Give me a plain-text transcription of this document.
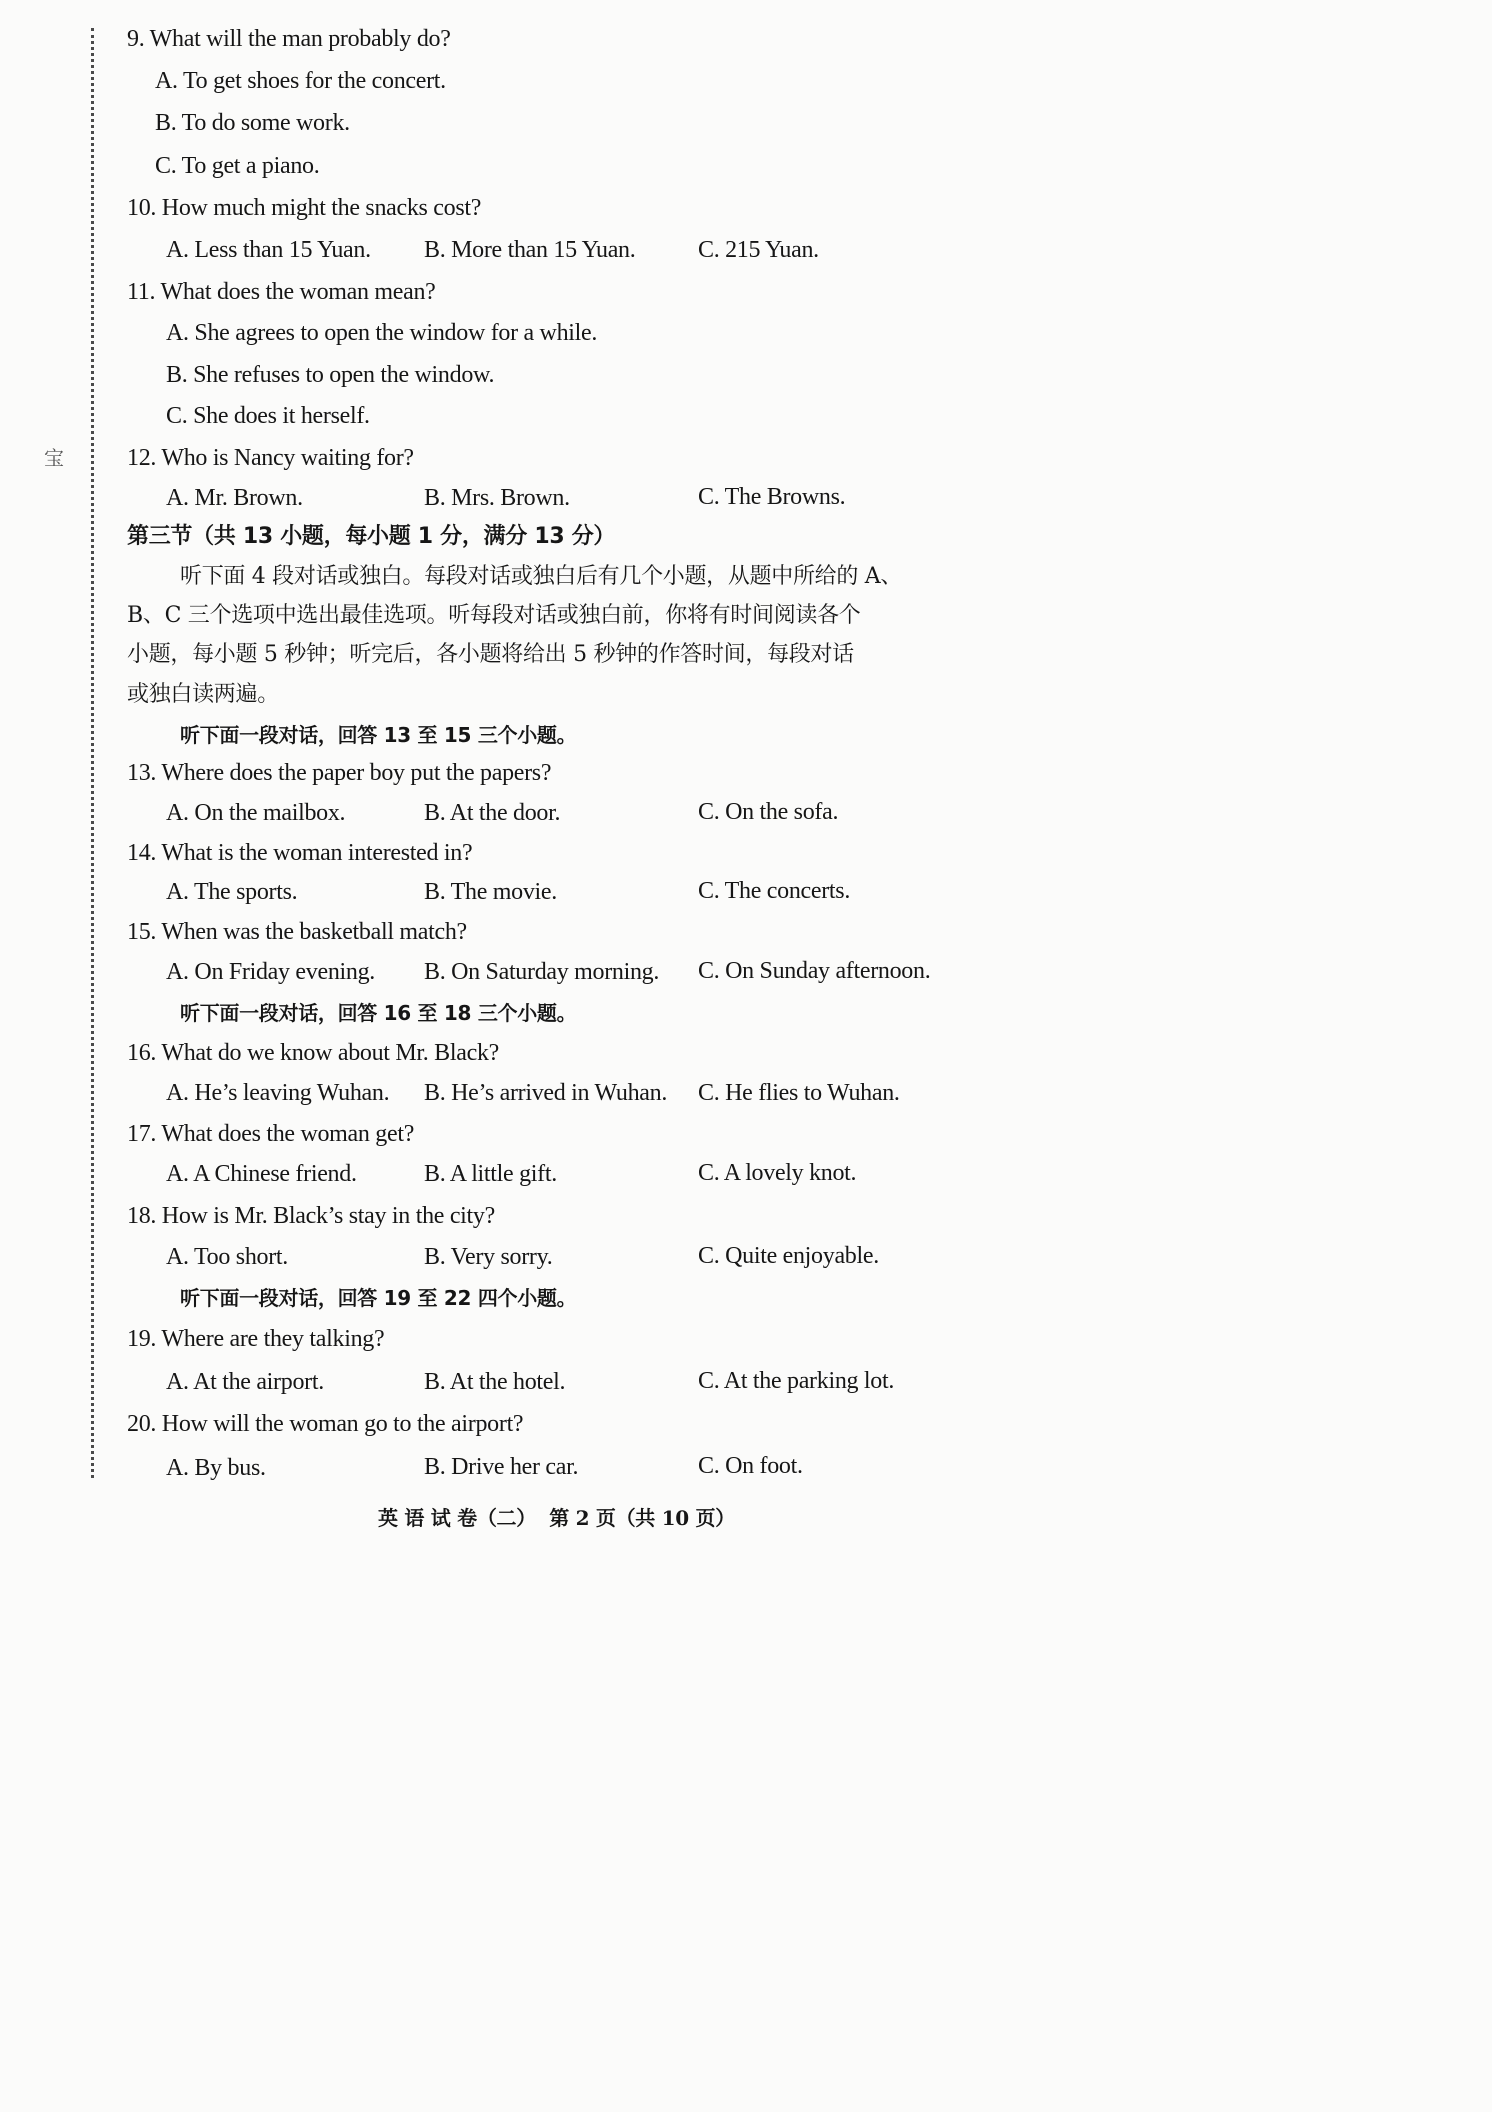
宝
9. What will the man probably do?
A. To get shoes for the concert.
B. To do some work.
C. To get a piano.
10. How much might the snacks cost?
A. Less than 15 Yuan. B. More than 15 Yuan.	C. 215 Yuan.
11. What does the woman mean?
A. She agrees to open the window for a while.
B. She refuses to open the window.
C. She does it herself.
12. Who is Nancy waiting for?
A. Mr. Brown.	B. Mrs. Brown.	C. The Browns.
第三节（共 13 小题，每小题 1 分，满分 13 分）
听下面 4 段对话或独白。每段对话或独白后有几个小题，从题中所给的 A、
B、C 三个选项中选出最佳选项。听每段对话或独白前，你将有时间阅读各个
小题，每小题 5 秒钟；听完后，各小题将给出 5 秒钟的作答时间，每段对话
或独白读两遍。
听下面一段对话，回答 13 至 15 三个小题。
13. Where does the paper boy put the papers?
A. On the mailbox.	B. At the door.	C. On the sofa.
14. What is the woman interested in?
A. The sports.	B. The movie.	C. The concerts.
15. When was the basketball match?
A. On Friday evening. B. On Saturday morning. C. On Sunday afternoon.
听下面一段对话，回答 16 至 18 三个小题。
16. What do we know about Mr. Black?
A. He’s leaving Wuhan. B. He’s arrived in Wuhan. C. He flies to Wuhan.
17. What does the woman get?
A. A Chinese friend.	B. A little gift.	C. A lovely knot.
18. How is Mr. Black’s stay in the city?
A. Too short.	B. Very sorry.	C. Quite enjoyable.
听下面一段对话，回答 19 至 22 四个小题。
19. Where are they talking?
A. At the airport.	B. At the hotel.	C. At the parking lot.
20. How will the woman go to the airport?
A. By bus.	B. Drive her car.	C. On foot.
英 语 试 卷（二）  第 2 页（共 10 页）
